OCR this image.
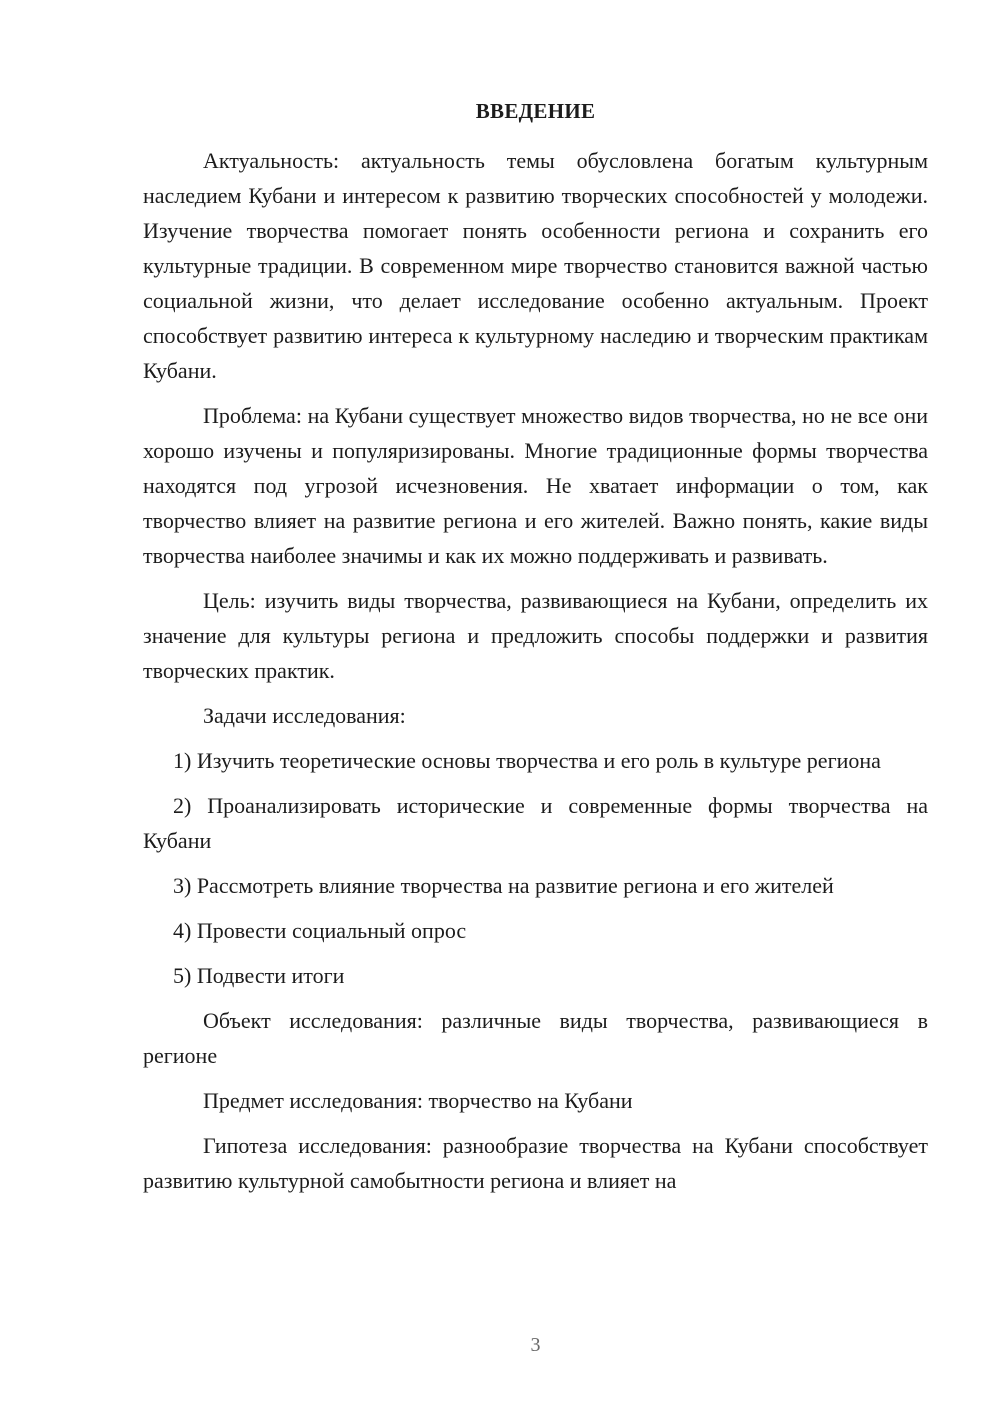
ВВЕДЕНИЕ

Актуальность: актуальность темы обусловлена богатым культурным наследием Кубани и интересом к развитию творческих способностей у молодежи. Изучение творчества помогает понять особенности региона и сохранить его культурные традиции. В современном мире творчество становится важной частью социальной жизни, что делает исследование особенно актуальным. Проект способствует развитию интереса к культурному наследию и творческим практикам Кубани.

Проблема: на Кубани существует множество видов творчества, но не все они хорошо изучены и популяризированы. Многие традиционные формы творчества находятся под угрозой исчезновения. Не хватает информации о том, как творчество влияет на развитие региона и его жителей. Важно понять, какие виды творчества наиболее значимы и как их можно поддерживать и развивать.

Цель: изучить виды творчества, развивающиеся на Кубани, определить их значение для культуры региона и предложить способы поддержки и развития творческих практик.

Задачи исследования:

1) Изучить теоретические основы творчества и его роль в культуре региона

2) Проанализировать исторические и современные формы творчества на Кубани

3) Рассмотреть влияние творчества на развитие региона и его жителей

4) Провести социальный опрос

5) Подвести итоги

Объект исследования: различные виды творчества, развивающиеся в регионе

Предмет исследования: творчество на Кубани

Гипотеза исследования: разнообразие творчества на Кубани способствует развитию культурной самобытности региона и влияет на

3
